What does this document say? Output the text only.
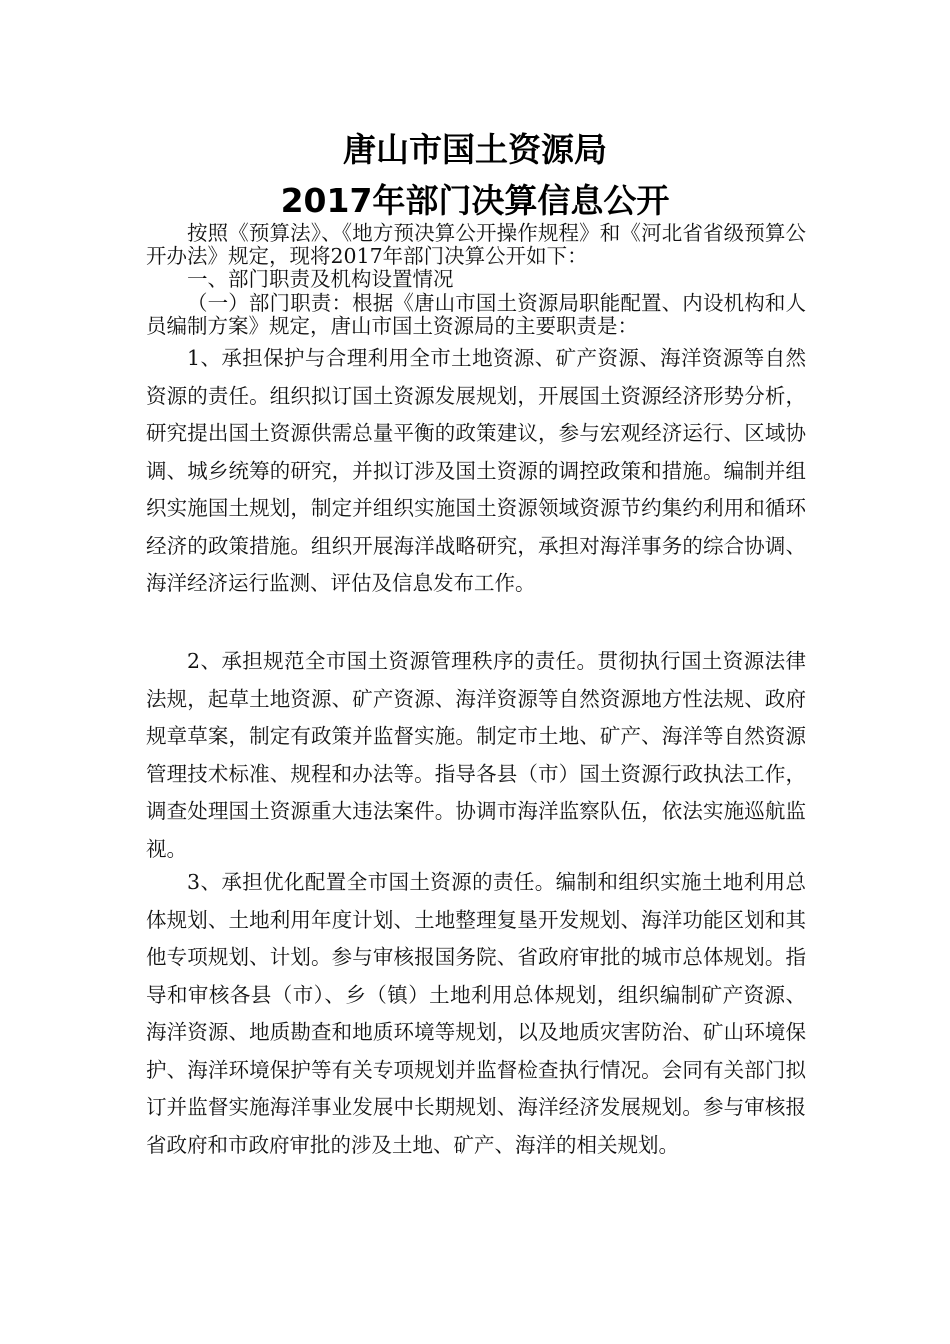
唐山市国土资源局
2017年部门决算信息公开
按照《预算法》、《地方预决算公开操作规程》和《河北省省级预算公开办法》规定，现将2017年部门决算公开如下：
一、部门职责及机构设置情况
（一）部门职责：根据《唐山市国土资源局职能配置、内设机构和人员编制方案》规定，唐山市国土资源局的主要职责是：
1、承担保护与合理利用全市土地资源、矿产资源、海洋资源等自然资源的责任。组织拟订国土资源发展规划，开展国土资源经济形势分析，研究提出国土资源供需总量平衡的政策建议，参与宏观经济运行、区域协调、城乡统筹的研究，并拟订涉及国土资源的调控政策和措施。编制并组织实施国土规划，制定并组织实施国土资源领域资源节约集约利用和循环经济的政策措施。组织开展海洋战略研究，承担对海洋事务的综合协调、海洋经济运行监测、评估及信息发布工作。
2、承担规范全市国土资源管理秩序的责任。贯彻执行国土资源法律法规，起草土地资源、矿产资源、海洋资源等自然资源地方性法规、政府规章草案，制定有政策并监督实施。制定市土地、矿产、海洋等自然资源管理技术标准、规程和办法等。指导各县（市）国土资源行政执法工作，调查处理国土资源重大违法案件。协调市海洋监察队伍，依法实施巡航监视。
3、承担优化配置全市国土资源的责任。编制和组织实施土地利用总体规划、土地利用年度计划、土地整理复垦开发规划、海洋功能区划和其他专项规划、计划。参与审核报国务院、省政府审批的城市总体规划。指导和审核各县（市）、乡（镇）土地利用总体规划，组织编制矿产资源、海洋资源、地质勘查和地质环境等规划，以及地质灾害防治、矿山环境保护、海洋环境保护等有关专项规划并监督检查执行情况。会同有关部门拟订并监督实施海洋事业发展中长期规划、海洋经济发展规划。参与审核报省政府和市政府审批的涉及土地、矿产、海洋的相关规划。
